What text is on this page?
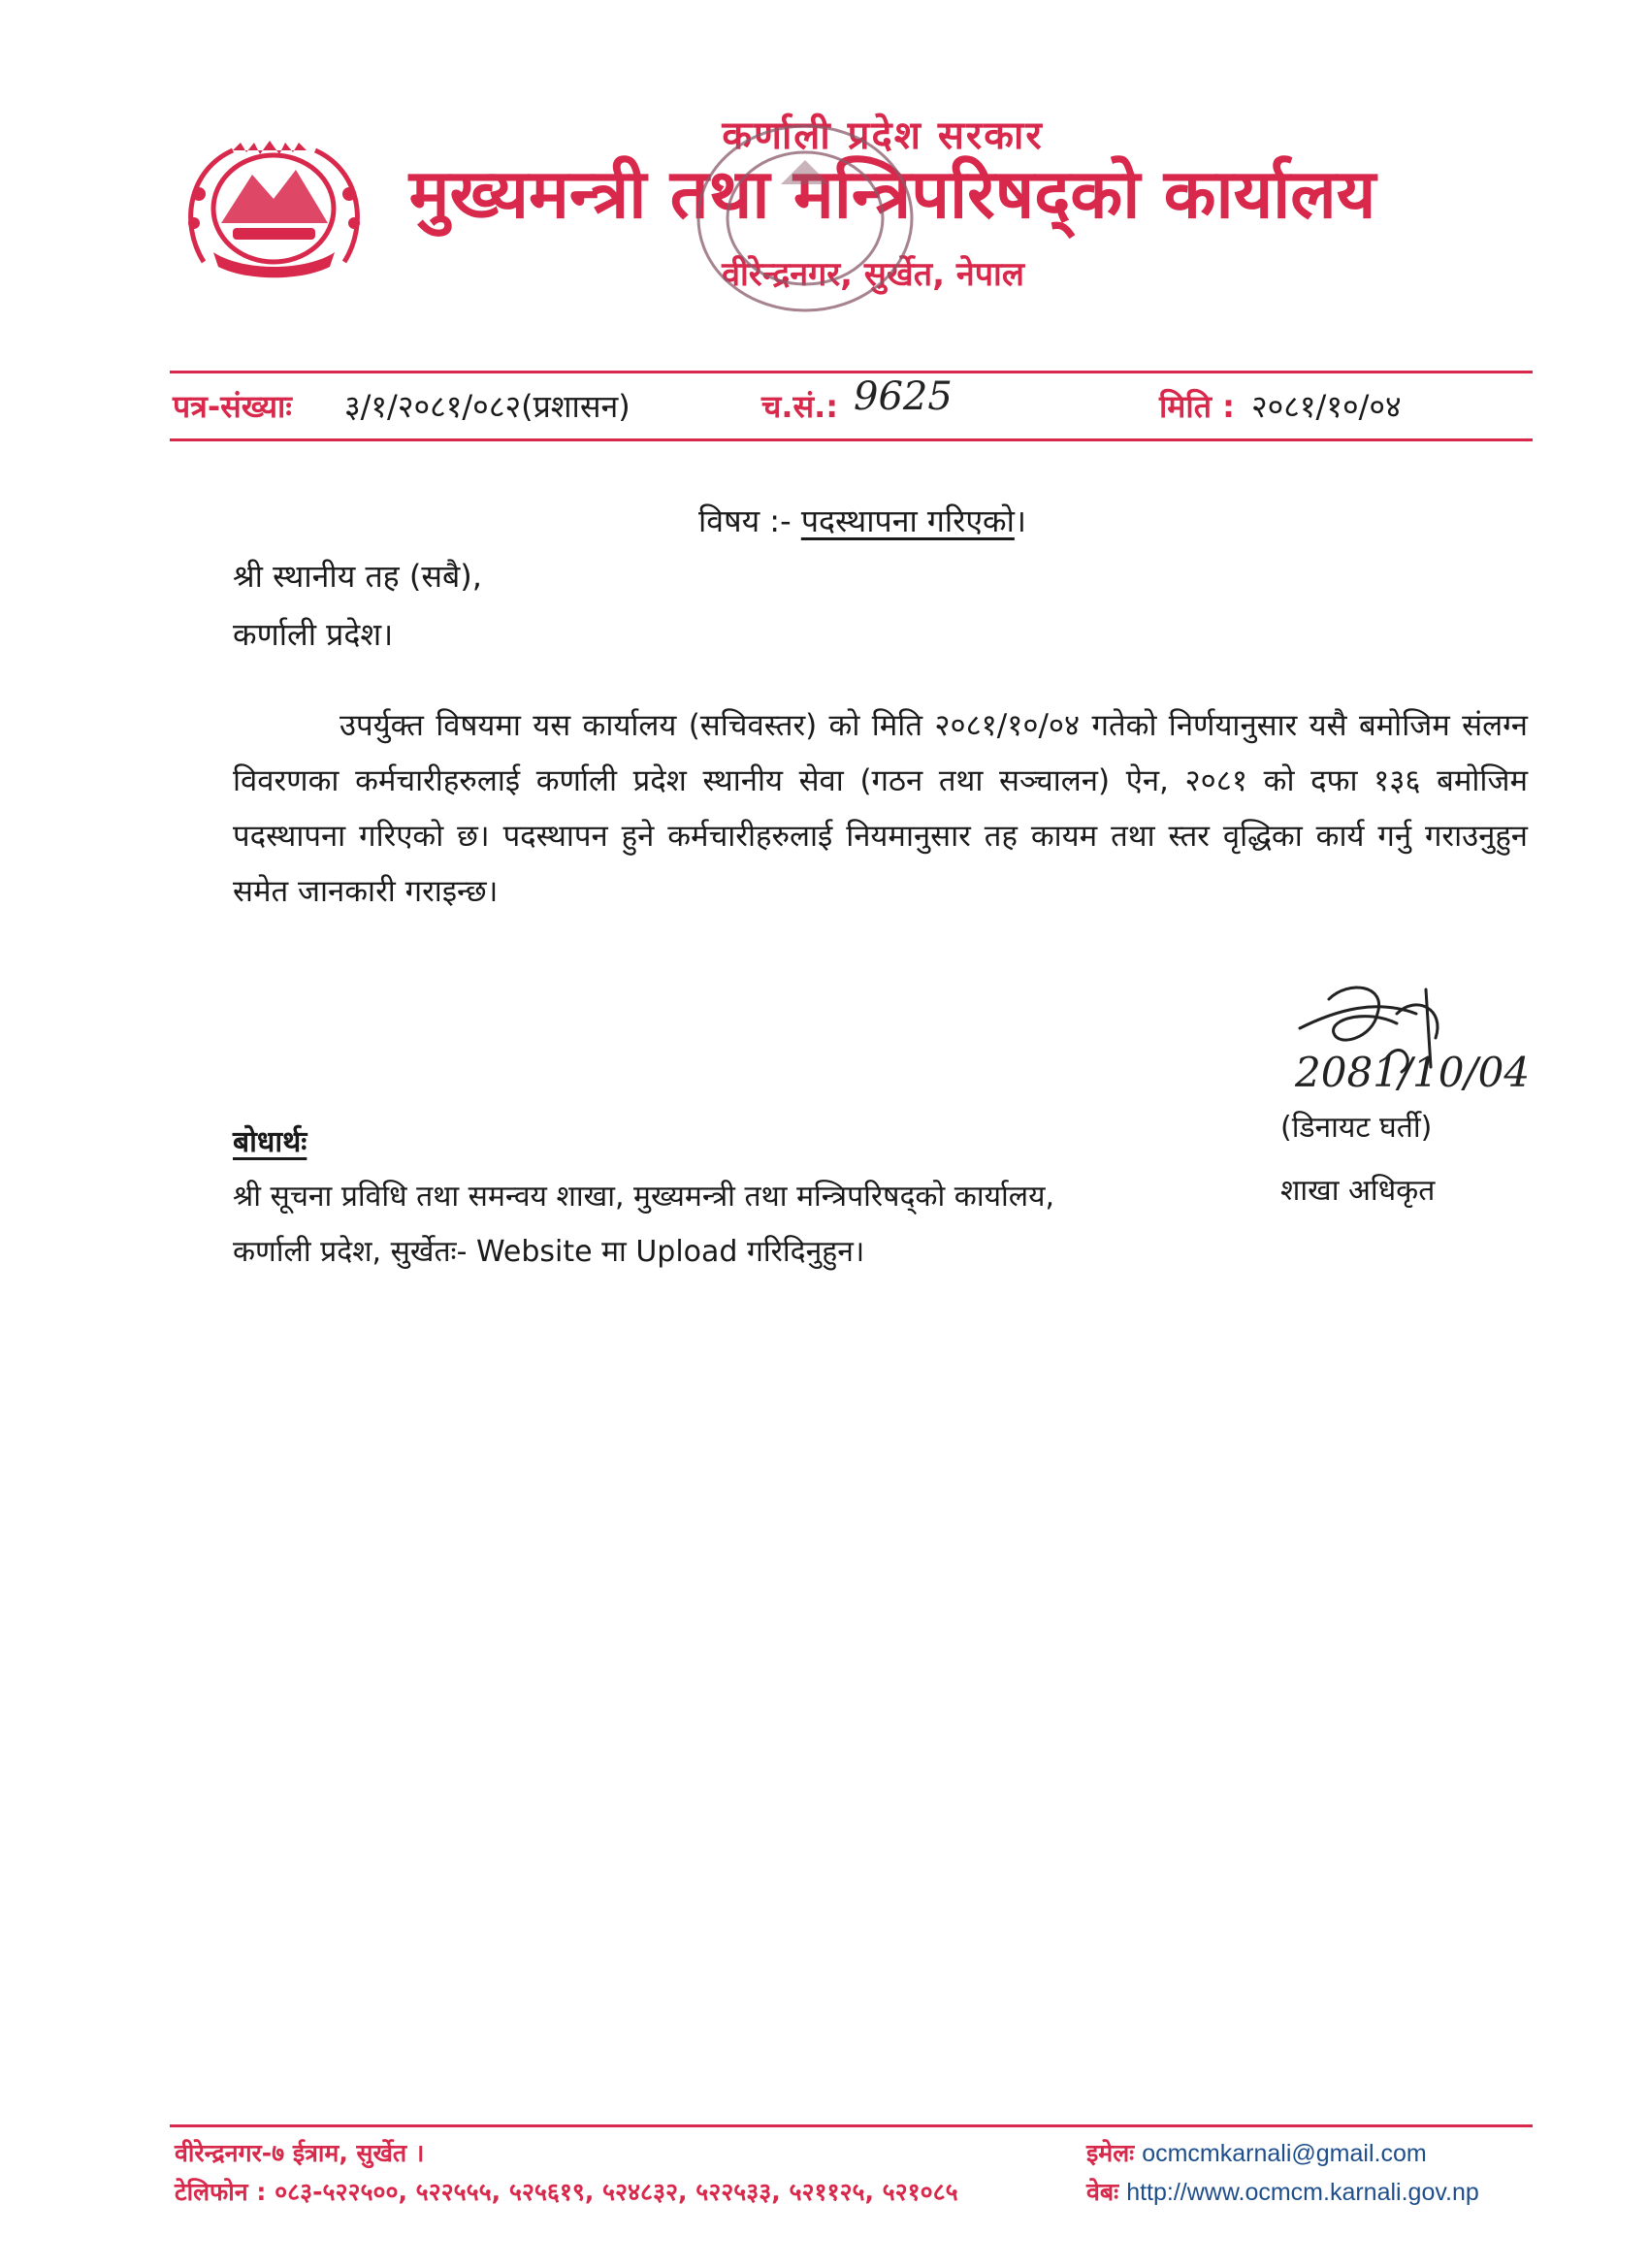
कर्णाली प्रदेश सरकार
मुख्यमन्त्री तथा मन्त्रिपरिषद्को कार्यालय
वीरेन्द्रनगर, सुर्खेत, नेपाल
पत्र-संख्याः ३/१/२०८१/०८२(प्रशासन)	च.सं.: 9625	मिति : २०८१/१०/०४
विषय :- पदस्थापना गरिएको।
श्री स्थानीय तह (सबै),
कर्णाली प्रदेश।
उपर्युक्त विषयमा यस कार्यालय (सचिवस्तर) को मिति २०८१/१०/०४ गतेको निर्णयानुसार यसै बमोजिम संलग्न विवरणका कर्मचारीहरुलाई कर्णाली प्रदेश स्थानीय सेवा (गठन तथा सञ्चालन) ऐन, २०८१ को दफा १३६ बमोजिम पदस्थापना गरिएको छ। पदस्थापन हुने कर्मचारीहरुलाई नियमानुसार तह कायम तथा स्तर वृद्धिका कार्य गर्नु गराउनुहुन समेत जानकारी गराइन्छ।
2081/10/04
(डिनायट घर्ती)
शाखा अधिकृत
बोधार्थः
श्री सूचना प्रविधि तथा समन्वय शाखा, मुख्यमन्त्री तथा मन्त्रिपरिषद्को कार्यालय,
कर्णाली प्रदेश, सुर्खेतः- Website मा Upload गरिदिनुहुन।
वीरेन्द्रनगर-७ ईत्राम, सुर्खेत ।
टेलिफोन : ०८३-५२२५००, ५२२५५५, ५२५६१९, ५२४८३२, ५२२५३३, ५२११२५, ५२१०८५
इमेलः ocmcmkarnali@gmail.com
वेबः http://www.ocmcm.karnali.gov.np
